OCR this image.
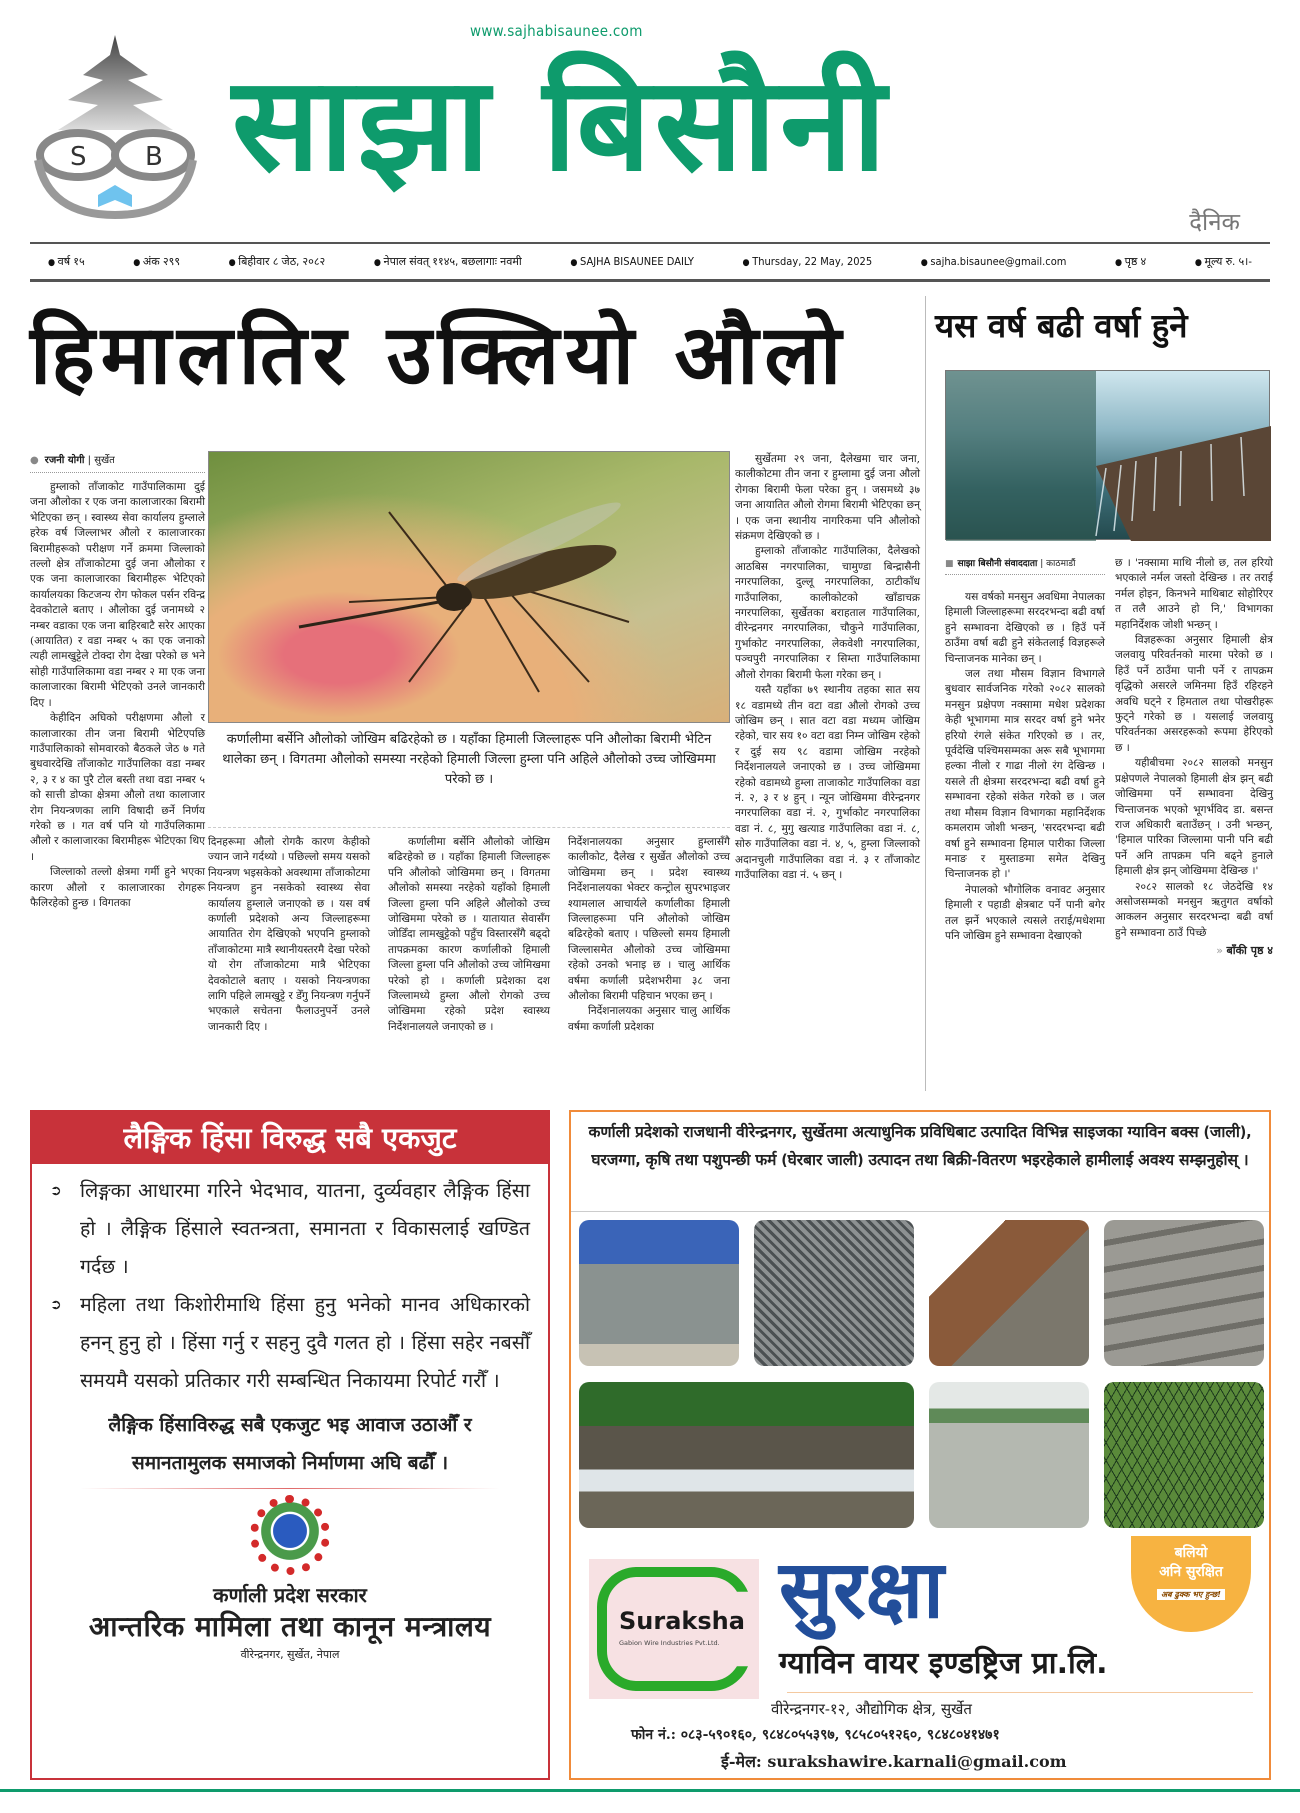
S B
www.sajhabisaunee.com
साझा बिसौनी
दैनिक
● वर्ष १५	● अंक २९९	● बिहीवार ८ जेठ, २०८२	● नेपाल संवत् ११४५, बछलागाः नवमी	● SAJHA BISAUNEE DAILY	● Thursday, 22 May, 2025	● sajha.bisaunee@gmail.com	● पृष्ठ ४	● मूल्य रु. ५।-
हिमालतिर उक्लियो औलो
● रजनी योगी | सुर्खेत

हुम्लाको ताँजाकोट गाउँपालिकामा दुई जना औलोका र एक जना कालाजारका बिरामी भेटिएका छन् । स्वास्थ्य सेवा कार्यालय हुम्लाले हरेक वर्ष जिल्लाभर औलो र कालाजारका बिरामीहरूको परीक्षण गर्ने क्रममा जिल्लाको तल्लो क्षेत्र ताँजाकोटमा दुई जना औलोका र एक जना कालाजारका बिरामीहरू भेटिएको कार्यालयका किटजन्य रोग फोकल पर्सन रविन्द्र देवकोटाले बताए । औलोका दुई जनामध्ये २ नम्बर वडाका एक जना बाहिरबाटै सरेर आएका (आयातित) र वडा नम्बर ५ का एक जनाको त्यही लामखुट्टेले टोक्दा रोग देखा परेको छ भने सोही गाउँपालिकामा वडा नम्बर २ मा एक जना कालाजारका बिरामी भेटिएको उनले जानकारी दिए ।

केहीदिन अघिको परीक्षणमा औलो र कालाजारका तीन जना बिरामी भेटिएपछि गाउँपालिकाको सोमवारको बैठकले जेठ ७ गते बुधवारदेखि ताँजाकोट गाउँपालिका वडा नम्बर २, ३ र ४ का पुरै टोल बस्ती तथा वडा नम्बर ५ को सात्ती डोप्का क्षेत्रमा औलो तथा कालाजार रोग नियन्त्रणका लागि विषादी छर्ने निर्णय गरेको छ । गत वर्ष पनि यो गाउँपलिकामा औलो र कालाजारका बिरामीहरू भेटिएका थिए ।

जिल्लाको तल्लो क्षेत्रमा गर्मी हुने भएका कारण औलो र कालाजारका रोगहरू फैलिरहेको हुन्छ । विगतका

कर्णालीमा बर्सेनि औलोको जोखिम बढिरहेको छ । यहाँका हिमाली जिल्लाहरू पनि औलोका बिरामी भेटिन थालेका छन् । विगतमा औलोको समस्या नरहेको हिमाली जिल्ला हुम्ला पनि अहिले औलोको उच्च जोखिममा परेको छ ।

सुर्खेतमा २९ जना, दैलेखमा चार जना, कालीकोटमा तीन जना र हुम्लामा दुई जना औलो रोगका बिरामी फेला परेका हुन् । जसमध्ये ३७ जना आयातित औलो रोगमा बिरामी भेटिएका छन् । एक जना स्थानीय नागरिकमा पनि औलोको संक्रमण देखिएको छ ।

हुम्लाको ताँजाकोट गाउँपालिका, दैलेखको आठबिस नगरपालिका, चामुण्डा बिन्द्रासैनी नगरपालिका, दुल्लू नगरपालिका, ठाटीकाँध गाउँपालिका, कालीकोटको खाँडाचक्र नगरपालिका, सुर्खेतका बराहताल गाउँपालिका, वीरेन्द्रनगर नगरपालिका, चौकुने गाउँपालिका, गुर्भाकोट नगरपालिका, लेकवेशी नगरपालिका, पञ्चपुरी नगरपालिका र सिम्ता गाउँपालिकामा औलो रोगका बिरामी फेला गरेका छन् ।

यस्तै यहाँका ७९ स्थानीय तहका सात सय १८ वडामध्ये तीन वटा वडा औलो रोगको उच्च जोखिम छन् । सात वटा वडा मध्यम जोखिम रहेको, चार सय १० वटा वडा निम्न जोखिम रहेको र दुई सय ९८ वडामा जोखिम नरहेको निर्देशनालयले जनाएको छ । उच्च जोखिममा रहेको वडामध्ये हुम्ला ताजाकोट गाउँपालिका वडा नं. २, ३ र ४ हुन् । न्यून जोखिममा वीरेन्द्रनगर नगरपालिका वडा नं. २, गुर्भाकोट नगरपालिका वडा नं. ८, मुगु खत्याड गाउँपालिका वडा नं. ८, सोरु गाउँपालिका वडा नं. ४, ५, हुम्ला जिल्लाको अदानचुली गाउँपालिका वडा नं. ३ र ताँजाकोट गाउँपालिका वडा नं. ५ छन् ।

दिनहरूमा औलो रोगकै कारण केहीको ज्यान जाने गर्दथ्यो । पछिल्लो समय यसको नियन्त्रण भइसकेको अवस्थामा ताँजाकोटमा नियन्त्रण हुन नसकेको स्वास्थ्य सेवा कार्यालय हुम्लाले जनाएको छ । यस वर्ष कर्णाली प्रदेशको अन्य जिल्लाहरूमा आयातित रोग देखिएको भएपनि हुम्लाको ताँजाकोटमा मात्रै स्थानीयस्तरमै देखा परेको यो रोग ताँजाकोटमा मात्रै भेटिएका देवकोटाले बताए । यसको नियन्त्रणका लागि पहिले लामखुट्टे र डेँगु नियन्त्रण गर्नुपर्ने भएकाले सचेतना फैलाउनुपर्ने उनले जानकारी दिए ।

कर्णालीमा बर्सेनि औलोको जोखिम बढिरहेको छ । यहाँका हिमाली जिल्लाहरू पनि औलोको जोखिममा छन् । विगतमा औलोको समस्या नरहेको यहाँको हिमाली जिल्ला हुम्ला पनि अहिले औलोको उच्च जोखिममा परेको छ । यातायात सेवासँग जोडिँदा लामखुट्टेको पहुँच विस्तारसँगै बढ्दो तापक्रमका कारण कर्णालीको हिमाली जिल्ला हुम्ला पनि औलोको उच्च जोमिखमा परेको हो । कर्णाली प्रदेशका दश जिल्लामध्ये हुम्ला औलो रोगको उच्च जोखिममा रहेको प्रदेश स्वास्थ्य निर्देशनालयले जनाएको छ ।

निर्देशनालयका अनुसार हुम्लासँगै कालीकोट, दैलेख र सुर्खेत औलोको उच्च जोखिममा छन् । प्रदेश स्वास्थ्य निर्देशनालयका भेक्टर कन्ट्रोल सुपरभाइजर श्यामलाल आचार्यले कर्णालीका हिमाली जिल्लाहरूमा पनि औलोको जोखिम बढिरहेको बताए । पछिल्लो समय हिमाली जिल्लासमेत औलोको उच्च जोखिममा रहेको उनको भनाइ छ । चालु आर्थिक वर्षमा कर्णाली प्रदेशभरीमा ३८ जना औलोका बिरामी पहिचान भएका छन् ।

निर्देशनालयका अनुसार चालु आर्थिक वर्षमा कर्णाली प्रदेशका

यस वर्ष बढी वर्षा हुने
■ साझा बिसौनी संवाददाता | काठमाडौं

यस वर्षको मनसुन अवधिमा नेपालका हिमाली जिल्लाहरूमा सरदरभन्दा बढी वर्षा हुने सम्भावना देखिएको छ । हिउँ पर्ने ठाउँमा वर्षा बढी हुने संकेतलाई विज्ञहरूले चिन्ताजनक मानेका छन् ।

जल तथा मौसम विज्ञान विभागले बुधवार सार्वजनिक गरेको २०८२ सालको मनसुन प्रक्षेपण नक्सामा मधेश प्रदेशका केही भूभागमा मात्र सरदर वर्षा हुने भनेर हरियो रंगले संकेत गरिएको छ । तर, पूर्वदेखि पश्चिमसम्मका अरू सबै भूभागमा हल्का नीलो र गाढा नीलो रंग देखिन्छ । यसले ती क्षेत्रमा सरदरभन्दा बढी वर्षा हुने सम्भावना रहेको संकेत गरेको छ । जल तथा मौसम विज्ञान विभागका महानिर्देशक कमलराम जोशी भन्छन्, 'सरदरभन्दा बढी वर्षा हुने सम्भावना हिमाल पारीका जिल्ला मनाङ र मुस्ताङमा समेत देखिनु चिन्ताजनक हो ।'

नेपालको भौगोलिक वनावट अनुसार हिमाली र पहाडी क्षेत्रबाट पर्ने पानी बगेर तल झर्ने भएकाले त्यसले तराई/मधेशमा पनि जोखिम हुने सम्भावना देखाएको

छ । 'नक्सामा माथि नीलो छ, तल हरियो भएकाले नर्मल जस्तो देखिन्छ । तर तराई नर्मल होइन, किनभने माथिबाट सोहोरिएर त तलै आउने हो नि,' विभागका महानिर्देशक जोशी भन्छन् ।

विज्ञहरूका अनुसार हिमाली क्षेत्र जलवायु परिवर्तनको मारमा परेको छ । हिउँ पर्ने ठाउँमा पानी पर्ने र तापक्रम वृद्धिको असरले जमिनमा हिउँ रहिरहने अवधि घट्ने र हिमताल तथा पोखरीहरू फुट्ने गरेको छ । यसलाई जलवायु परिवर्तनका असरहरूको रूपमा हेरिएको छ ।

यहीबीचमा २०८२ सालको मनसुन प्रक्षेपणले नेपालको हिमाली क्षेत्र झन् बढी जोखिममा पर्ने सम्भावना देखिनु चिन्ताजनक भएको भूगर्भविद डा. बसन्त राज अधिकारी बताउँछन् । उनी भन्छन्, 'हिमाल पारिका जिल्लामा पानी पनि बढी पर्ने अनि तापक्रम पनि बढ्ने हुनाले हिमाली क्षेत्र झन् जोखिममा देखिन्छ ।'

२०८२ सालको १८ जेठदेखि १४ असोजसम्मको मनसुन ऋतुगत वर्षाको आकलन अनुसार सरदरभन्दा बढी वर्षा हुने सम्भावना ठाउँ पिच्छे

» बाँकी पृष्ठ ४
लैङ्गिक हिंसा विरुद्ध सबै एकजुट
➲ लिङ्गका आधारमा गरिने भेदभाव, यातना, दुर्व्यवहार लैङ्गिक हिंसा हो । लैङ्गिक हिंसाले स्वतन्त्रता, समानता र विकासलाई खण्डित गर्दछ ।
➲ महिला तथा किशोरीमाथि हिंसा हुनु भनेको मानव अधिकारको हनन् हुनु हो । हिंसा गर्नु र सहनु दुवै गलत हो । हिंसा सहेर नबसौँ समयमै यसको प्रतिकार गरी सम्बन्धित निकायमा रिपोर्ट गरौँ ।
लैङ्गिक हिंसाविरुद्ध सबै एकजुट भइ आवाज उठाऔँ र समानतामुलक समाजको निर्माणमा अघि बढौँ ।
कर्णाली प्रदेश सरकार
आन्तरिक मामिला तथा कानून मन्त्रालय
वीरेन्द्रनगर, सुर्खेत, नेपाल
कर्णाली प्रदेशको राजधानी वीरेन्द्रनगर, सुर्खेतमा अत्याधुनिक प्रविधिबाट उत्पादित विभिन्न साइजका ग्याविन बक्स (जाली), घरजग्गा, कृषि तथा पशुपन्छी फर्म (घेरबार जाली) उत्पादन तथा बिक्री-वितरण भइरहेकाले हामीलाई अवश्य सम्झनुहोस् ।
बलियो
अनि सुरक्षित
अब ढुक्क भए हुन्छ!
Suraksha
Gabion Wire Industries Pvt.Ltd.
सुरक्षा
ग्याविन वायर इण्डष्ट्रिज प्रा.लि.
वीरेन्द्रनगर-१२, औद्योगिक क्षेत्र, सुर्खेत
फोन नं.: ०८३-५९०१६०, ९८४८०५५३९७, ९८५८०५१२६०, ९८४८०४१४७१
ई-मेल: surakshawire.karnali@gmail.com
